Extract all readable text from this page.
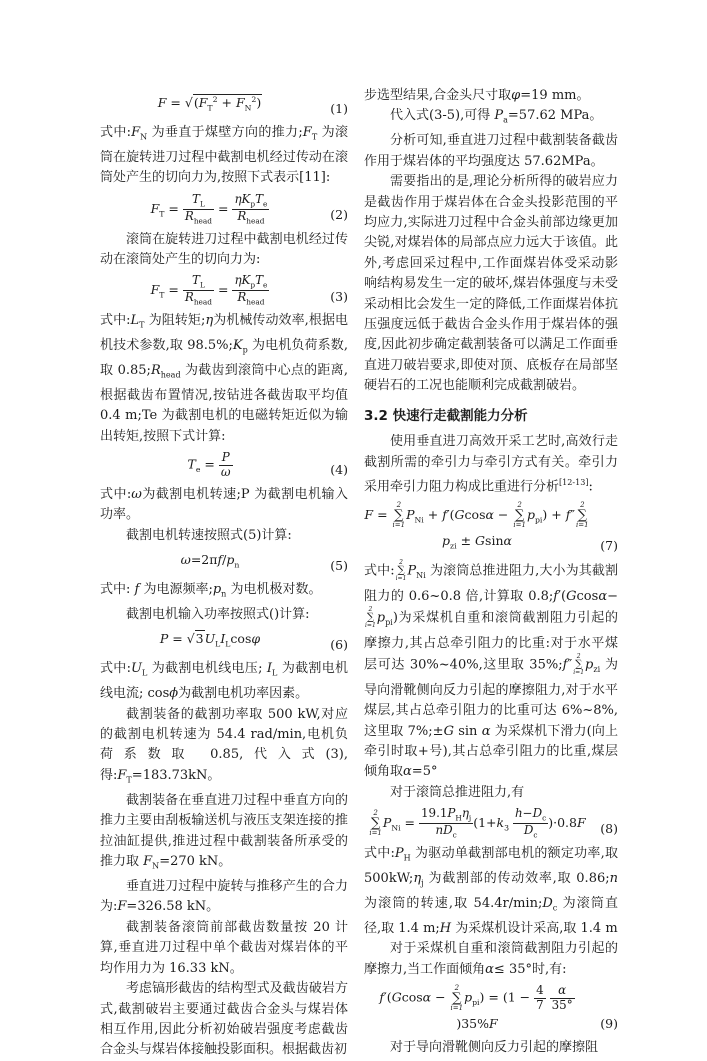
$F = √(F_T^2 + F_N^2)$	(1)

式中$:F_N$ 为垂直于煤壁方向的推力$;F_T$ 为滚筒在旋转进刀过程中截割电机经过传动在滚筒处产生的切向力为,按照下式表示[11]:

$F_T = \frac{T_L}{R_{head}} = \frac{\eta K_pT_e}{R_{head}}$	(2)

滚筒在旋转进刀过程中截割电机经过传动在滚筒处产生的切向力为:

$F_T = \frac{T_L}{R_{head}} = \frac{\eta K_pT_e}{R_{head}}$	(3)

式中$:L_T$ 为阻转矩;η为机械传动效率,根据电机技术参数,取 $98.5\%;K_p$ 为电机负荷系数,取 $0.85;R_{head}$ 为截齿到滚筒中心点的距离,根据截齿布置情况,按钻进各截齿取平均值 0.4 m;Te 为截割电机的电磁转矩近似为输出转矩,按照下式计算:

$T_e = \frac{P}{\omega}$	(4)

式中:ω为截割电机转速;P 为截割电机输入功率。

截割电机转速按照式(5)计算:

$\omega=2\pi f/p_n$	(5)

式中: f 为电源频率$;p_n$ 为电机极对数。

截割电机输入功率按照式()计算:

$P = √3U_LI_L\cos\varphi$	(6)

式中$:U_L$ 为截割电机线电压; $I_L$ 为截割电机线电流; cosϕ为截割电机功率因素。

截割装备的截割功率取 500 kW,对应的截割电机转速为 54.4 rad/min,电机负荷系数取 0.85,代入式(3),得$:F_T=183.73kN$。

截割装备在垂直进刀过程中垂直方向的推力主要由刮板输送机与液压支架连接的推拉油缸提供,推进过程中截割装备所承受的推力取 $F_N=270$ kN。

垂直进刀过程中旋转与推移产生的合力为:F=326.58 kN。

截割装备滚筒前部截齿数量按 20 计算,垂直进刀过程中单个截齿对煤岩体的平均作用力为 16.33 kN。

考虑镐形截齿的结构型式及截齿破岩方式,截割破岩主要通过截齿合金头与煤岩体相互作用,因此分析初始破岩强度考虑截齿合金头与煤岩体接触投影面积。根据截齿初

步选型结果,合金头尺寸取φ=19 mm。

代入式(3-5),可得 $P_a=57.62$ MPa。

分析可知,垂直进刀过程中截割装备截齿作用于煤岩体的平均强度达 57.62MPa。

需要指出的是,理论分析所得的破岩应力是截齿作用于煤岩体在合金头投影范围的平均应力,实际进刀过程中合金头前部边缘更加尖锐,对煤岩体的局部点应力远大于该值。此外,考虑回采过程中,工作面煤岩体受采动影响结构易发生一定的破坏,煤岩体强度与未受采动相比会发生一定的降低,工作面煤岩体抗压强度远低于截齿合金头作用于煤岩体的强度,因此初步确定截割装备可以满足工作面垂直进刀破岩要求,即使对顶、底板存在局部坚硬岩石的工况也能顺利完成截割破岩。

3.2 快速行走截割能力分析

使用垂直进刀高效开采工艺时,高效行走截割所需的牵引力与牵引方式有关。牵引力采用牵引力阻力构成比重进行分析[12-13]:

F =
2
∑
i=1
$P_{Ni} + f'(Gcos\alpha$ −
2
∑
i=1
$p_{pi}) + f''$
2
∑
i=1
$p_{zi} \pm Gsin\alpha$	(7)

式中:
2
∑
i=1 $P_{Ni}$ 为滚筒总推进阻力,大小为其截割阻力的 0.6~0.8 倍,计算取 0.8;f′(Gcosα−
2
∑
i=1 $p_{pi}$)为采煤机自重和滚筒截割阻力引起的摩擦力,其占总牵引阻力的比重:对于水平煤层可达 30%~40%,这里取 35%;f″
2
∑
i=1 $p_{zi}$ 为导向滑靴侧向反力引起的摩擦阻力,对于水平煤层,其占总牵引阻力的比重可达 6%~8%,这里取 7%;±G sin α 为采煤机下滑力(向上牵引时取+号),其占总牵引阻力的比重,煤层倾角取α=5°

对于滚筒总推进阻力,有

2
∑
i=1
$P_{Ni} = \frac{19.1P_H\eta_j}{nD_c} (1+k_3 \frac{h-D_c}{D_c} )\cdot 0.8F$	(8)

式中$:P_H$ 为驱动单截割部电机的额定功率,取 $500kW;\eta_j$ 为截割部的传动效率,取 0.86;n 为滚筒的转速,取 $54.4r/\min;D_c$ 为滚筒直径,取 1.4 m;H 为采煤机设计采高,取 1.4 m

对于采煤机自重和滚筒截割阻力引起的摩擦力,当工作面倾角α≤ 35°时,有:

f′(Gcosα −
2
∑
i=1
$p_{pi}) = (1 - \frac{4}{7}$
$\frac{\alpha}{35^\circ}$
)35%F	(9)

对于导向滑靴侧向反力引起的摩擦阻
